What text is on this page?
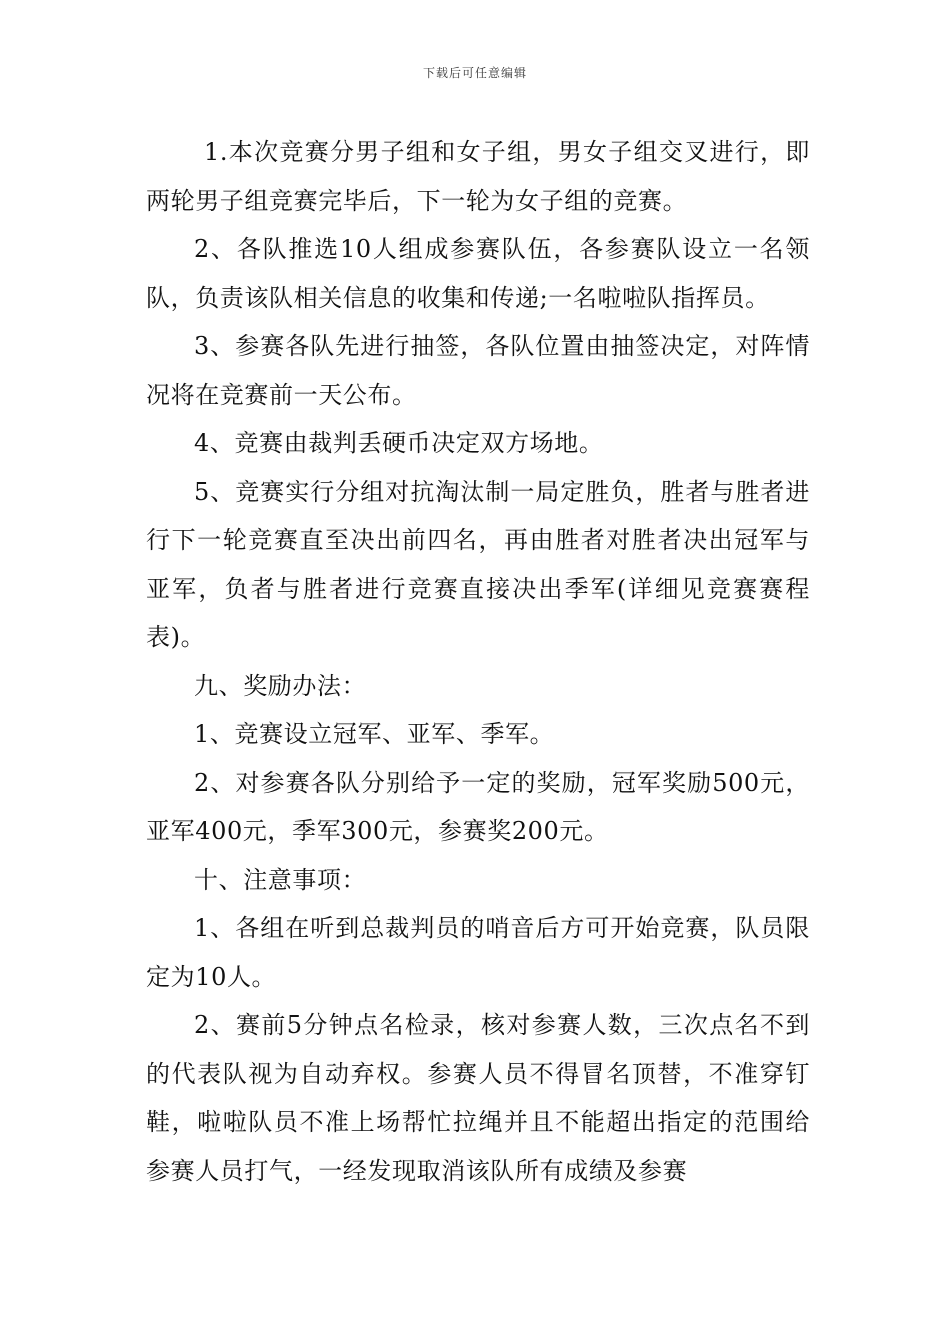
下载后可任意编辑

1.本次竞赛分男子组和女子组，男女子组交叉进行，即两轮男子组竞赛完毕后，下一轮为女子组的竞赛。

2、各队推选10人组成参赛队伍，各参赛队设立一名领队，负责该队相关信息的收集和传递;一名啦啦队指挥员。

3、参赛各队先进行抽签，各队位置由抽签决定，对阵情况将在竞赛前一天公布。

4、竞赛由裁判丢硬币决定双方场地。

5、竞赛实行分组对抗淘汰制一局定胜负，胜者与胜者进行下一轮竞赛直至决出前四名，再由胜者对胜者决出冠军与亚军，负者与胜者进行竞赛直接决出季军(详细见竞赛赛程表)。

九、奖励办法：

1、竞赛设立冠军、亚军、季军。

2、对参赛各队分别给予一定的奖励，冠军奖励500元，亚军400元，季军300元，参赛奖200元。

十、注意事项：

1、各组在听到总裁判员的哨音后方可开始竞赛，队员限定为10人。

2、赛前5分钟点名检录，核对参赛人数，三次点名不到的代表队视为自动弃权。参赛人员不得冒名顶替，不准穿钉鞋，啦啦队员不准上场帮忙拉绳并且不能超出指定的范围给参赛人员打气，一经发现取消该队所有成绩及参赛
